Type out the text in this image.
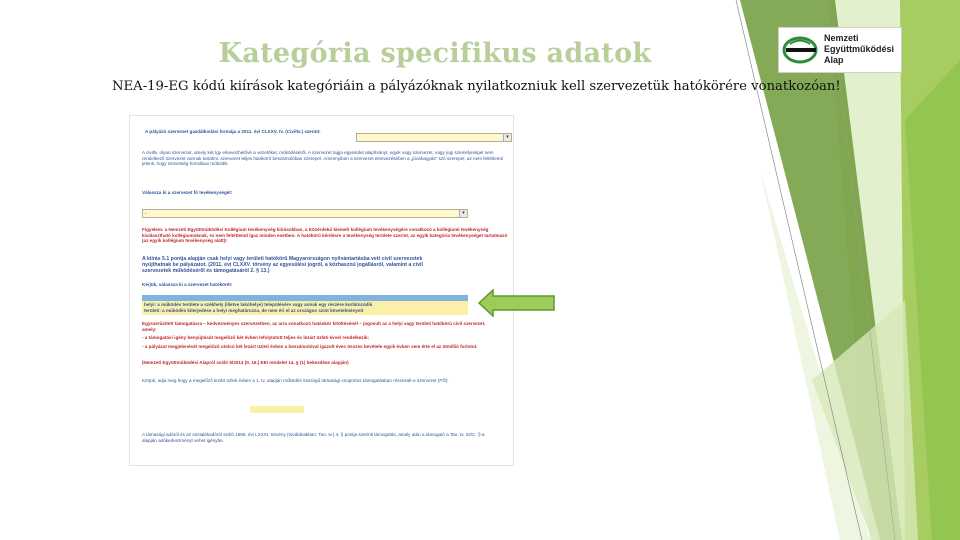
Kategória specifikus adatok
NEA-19-EG kódú kiírások kategóriáin a pályázóknak nyilatkozniuk kell szervezetük hatókörére vonatkozóan!
Nemzeti
Együttműködési
Alap
A pályázó szervezet gazdálkodási formája a 2011. évi CLXXV. tv. (Civiltv.) szerint:
▾
A civiltv. olyan szervezet, amely két így elnevezhetővé a vezetőket, működéséről. A szervezet tagja egyesület alapítványt, egyik vagy szervezet, vagy jogi személyiségel nem rendelkező szervezet vannak tartalmi. szervezet teljes hatókörű beszámolóban szerepel. Amennyiben a szervezet elnevezésében a „jóváhagyás" szó szerepel, az nem feltétlenül jelenti, hogy szövetség formában működik.
Válassza ki a szervezet fő tevékenységét:
-	▾
Figyelem: a Nemzeti Együttműködési Kollégium tevékenység kiírásokban, a Közérdekű kiemelt kollégium tevékenységére vonatkozó a kollégiumi tevékenység kiválasztható kollégiumoknak, ez nem feltétlenül igaz minden esetben. A hatókörű kérdésre a tevékenység területe szerint, az egyik kategória tevékenységet tartalmazó (az egyik kollégium tevékenység alatt)!
A kiírás 5.1 pontja alapján csak helyi vagy területi hatókörű Magyarországon nyilvántartásba vett civil szervezetek nyújthatnak be pályázatot. (2011. évi CLXXV. törvény az egyesülési jogról, a közhasznú jogállásról, valamint a civil szervezetek működéséről és támogatásáról 2. § 13.)
Kérjük, válassza ki a szervezet hatókörét:
helyi: a működés területe a székhely (illetve lakóhelye) településére vagy annak egy részére korlátozódik
területi: a működés kiterjedése a helyi meghatározza, de nem éri el az országos szint követelményeit
Egyszerűsített támogatásra – kedvezményes szervezetben, az arra vonatkozó hatáskör kitöltésénél – jogosult az a helyi vagy területi hatókörű civil szervezet, amely:
- a támogatási igény benyújtását megelőző két évben lefolytatott teljes és lezárt üzleti évvel rendelkezik;
- a pályázat megjelenését megelőző utolsó két lezárt üzleti évben a beszámolóval igazolt éves összes bevétele egyik évben sem érte el az ötmillió forintot.
(Nemzeti Együttműködési Alapról szóló 5/2013 (II. 16.) EEI rendelet 14. § (1) bekezdése alapján)
Kérjük, adja meg hogy a megelőző lezárt üzleti évben a 1. tv. alapján működés összegű társasági-csoportos támogatásban részesült-e szervezet (FŐ):
A támasági adóról és az osztalékadóról szóló 1996. évi LXXXI. törvény (továbbiakban: Tao. tv.) 4. § pontja szerinti támogatás, amely után a támogató a Tao. tv. 22/C. §-a alapján adókedvezményt vehet igénybe.
